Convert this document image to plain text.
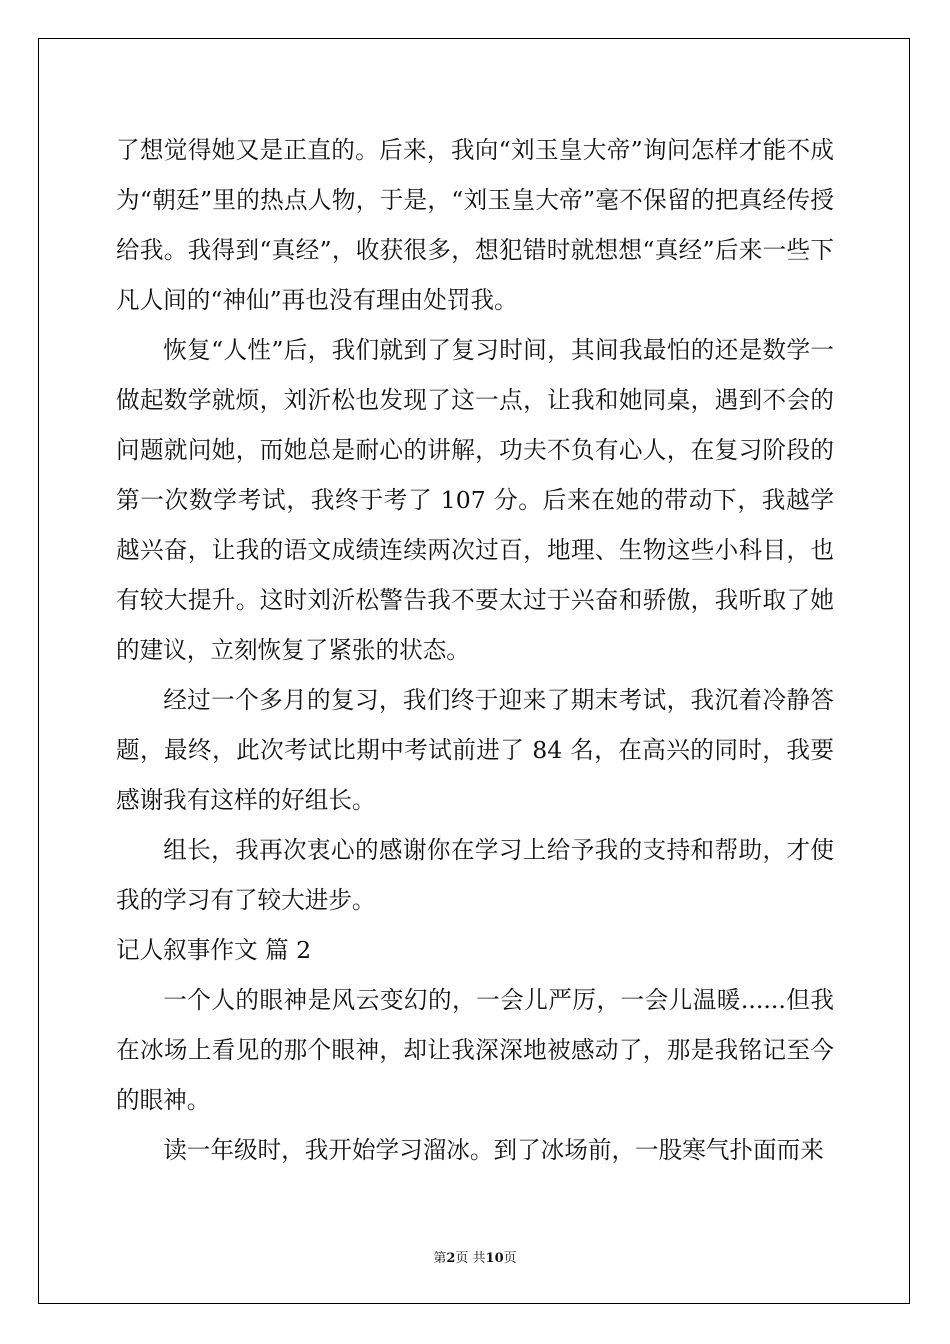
了想觉得她又是正直的。后来，我向“刘玉皇大帝”询问怎样才能不成为“朝廷”里的热点人物，于是，“刘玉皇大帝”毫不保留的把真经传授给我。我得到“真经”，收获很多，想犯错时就想想“真经”后来一些下凡人间的“神仙”再也没有理由处罚我。

恢复“人性”后，我们就到了复习时间，其间我最怕的还是数学一做起数学就烦，刘沂松也发现了这一点，让我和她同桌，遇到不会的问题就问她，而她总是耐心的讲解，功夫不负有心人，在复习阶段的第一次数学考试，我终于考了 107 分。后来在她的带动下，我越学越兴奋，让我的语文成绩连续两次过百，地理、生物这些小科目，也有较大提升。这时刘沂松警告我不要太过于兴奋和骄傲，我听取了她的建议，立刻恢复了紧张的状态。

经过一个多月的复习，我们终于迎来了期末考试，我沉着冷静答题，最终，此次考试比期中考试前进了 84 名，在高兴的同时，我要感谢我有这样的好组长。

组长，我再次衷心的感谢你在学习上给予我的支持和帮助，才使我的学习有了较大进步。

记人叙事作文 篇 2

一个人的眼神是风云变幻的，一会儿严厉，一会儿温暖......但我在冰场上看见的那个眼神，却让我深深地被感动了，那是我铭记至今的眼神。

读一年级时，我开始学习溜冰。到了冰场前，一股寒气扑面而来

第2页 共10页
